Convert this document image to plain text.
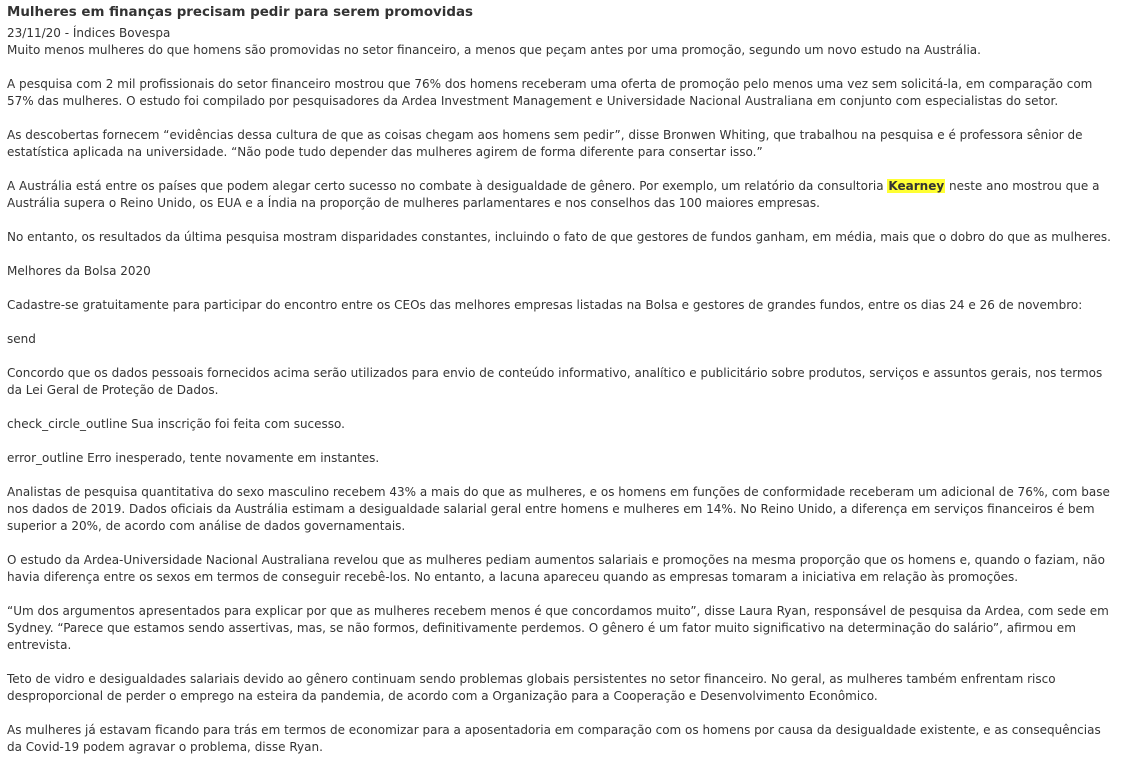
Mulheres em finanças precisam pedir para serem promovidas
23/11/20 - Índices Bovespa

Muito menos mulheres do que homens são promovidas no setor financeiro, a menos que peçam antes por uma promoção, segundo um novo estudo na Austrália.

A pesquisa com 2 mil profissionais do setor financeiro mostrou que 76% dos homens receberam uma oferta de promoção pelo menos uma vez sem solicitá-la, em comparação com 57% das mulheres. O estudo foi compilado por pesquisadores da Ardea Investment Management e Universidade Nacional Australiana em conjunto com especialistas do setor.

As descobertas fornecem “evidências dessa cultura de que as coisas chegam aos homens sem pedir”, disse Bronwen Whiting, que trabalhou na pesquisa e é professora sênior de estatística aplicada na universidade. “Não pode tudo depender das mulheres agirem de forma diferente para consertar isso.”

A Austrália está entre os países que podem alegar certo sucesso no combate à desigualdade de gênero. Por exemplo, um relatório da consultoria Kearney neste ano mostrou que a Austrália supera o Reino Unido, os EUA e a Índia na proporção de mulheres parlamentares e nos conselhos das 100 maiores empresas.

No entanto, os resultados da última pesquisa mostram disparidades constantes, incluindo o fato de que gestores de fundos ganham, em média, mais que o dobro do que as mulheres.

Melhores da Bolsa 2020

Cadastre-se gratuitamente para participar do encontro entre os CEOs das melhores empresas listadas na Bolsa e gestores de grandes fundos, entre os dias 24 e 26 de novembro:

send

Concordo que os dados pessoais fornecidos acima serão utilizados para envio de conteúdo informativo, analítico e publicitário sobre produtos, serviços e assuntos gerais, nos termos da Lei Geral de Proteção de Dados.

check_circle_outline Sua inscrição foi feita com sucesso.

error_outline Erro inesperado, tente novamente em instantes.

Analistas de pesquisa quantitativa do sexo masculino recebem 43% a mais do que as mulheres, e os homens em funções de conformidade receberam um adicional de 76%, com base nos dados de 2019. Dados oficiais da Austrália estimam a desigualdade salarial geral entre homens e mulheres em 14%. No Reino Unido, a diferença em serviços financeiros é bem superior a 20%, de acordo com análise de dados governamentais.

O estudo da Ardea-Universidade Nacional Australiana revelou que as mulheres pediam aumentos salariais e promoções na mesma proporção que os homens e, quando o faziam, não havia diferença entre os sexos em termos de conseguir recebê-los. No entanto, a lacuna apareceu quando as empresas tomaram a iniciativa em relação às promoções.

“Um dos argumentos apresentados para explicar por que as mulheres recebem menos é que concordamos muito”, disse Laura Ryan, responsável de pesquisa da Ardea, com sede em Sydney. “Parece que estamos sendo assertivas, mas, se não formos, definitivamente perdemos. O gênero é um fator muito significativo na determinação do salário”, afirmou em entrevista.

Teto de vidro e desigualdades salariais devido ao gênero continuam sendo problemas globais persistentes no setor financeiro. No geral, as mulheres também enfrentam risco desproporcional de perder o emprego na esteira da pandemia, de acordo com a Organização para a Cooperação e Desenvolvimento Econômico.

As mulheres já estavam ficando para trás em termos de economizar para a aposentadoria em comparação com os homens por causa da desigualdade existente, e as consequências da Covid-19 podem agravar o problema, disse Ryan.
